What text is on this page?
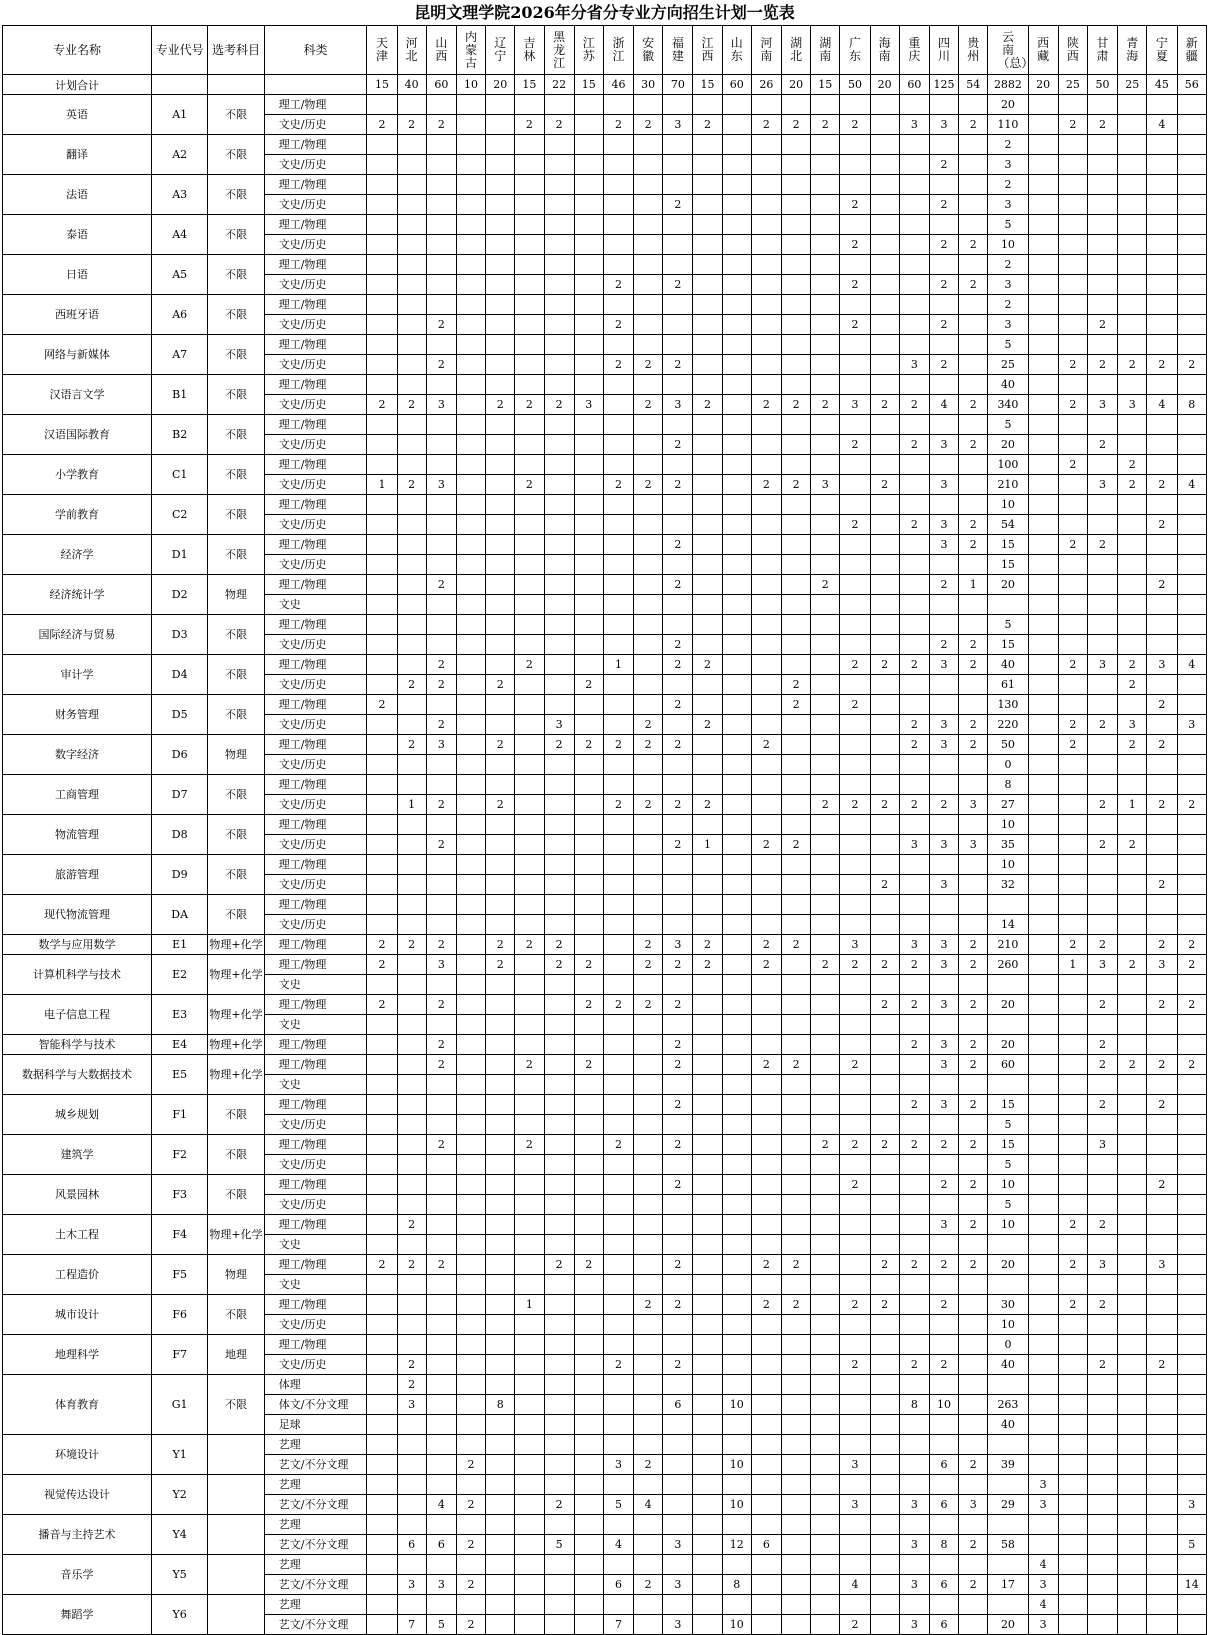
昆明文理学院2026年分省分专业方向招生计划一览表
专业名称	专业代号	选考科目	科类	天津	河北	山西	内蒙古	辽宁	吉林	黑龙江	江苏	浙江	安徽	福建	江西	山东	河南	湖北	湖南	广东	海南	重庆	四川	贵州	云南（总）	西藏	陕西	甘肃	青海	宁夏	新疆
计划合计				15	40	60	10	20	15	22	15	46	30	70	15	60	26	20	15	50	20	60	125	54	2882	20	25	50	25	45	56
英语	A1	不限	理工/物理																						20						
			文史/历史	2	2	2			2	2		2	2	3	2		2	2	2	2		3	3	2	110		2	2		4	
翻译	A2	不限	理工/物理																						2						
			文史/历史																				2		3						
法语	A3	不限	理工/物理																						2						
			文史/历史											2						2			2		3						
泰语	A4	不限	理工/物理																						5						
			文史/历史																	2			2	2	10						
日语	A5	不限	理工/物理																						2						
			文史/历史									2		2						2			2	2	3						
西班牙语	A6	不限	理工/物理																						2						
			文史/历史			2						2								2			2		3			2			
网络与新媒体	A7	不限	理工/物理																						5						
			文史/历史			2						2	2	2								3	2		25		2	2	2	2	2
汉语言文学	B1	不限	理工/物理																						40						
			文史/历史	2	2	3		2	2	2	3		2	3	2		2	2	2	3	2	2	4	2	340		2	3	3	4	8
汉语国际教育	B2	不限	理工/物理																						5						
			文史/历史											2						2		2	3	2	20			2			
小学教育	C1	不限	理工/物理																						100		2		2		
			文史/历史	1	2	3			2			2	2	2			2	2	3		2		3		210			3	2	2	4
学前教育	C2	不限	理工/物理																						10						
			文史/历史																	2		2	3	2	54					2	
经济学	D1	不限	理工/物理											2									3	2	15		2	2			
			文史/历史																						15						
经济统计学	D2	物理	理工/物理			2								2					2				2	1	20					2	
			文史																												
国际经济与贸易	D3	不限	理工/物理																						5						
			文史/历史											2									2	2	15						
审计学	D4	不限	理工/物理			2			2			1		2	2					2	2	2	3	2	40		2	3	2	3	4
			文史/历史		2	2		2			2							2							61				2		
财务管理	D5	不限	理工/物理	2										2				2		2					130					2	
			文史/历史			2				3			2		2							2	3	2	220		2	2	3		3
数字经济	D6	物理	理工/物理		2	3		2		2	2	2	2	2			2					2	3	2	50		2		2	2	
			文史/历史																						0						
工商管理	D7	不限	理工/物理																						8						
			文史/历史		1	2		2				2	2	2	2				2	2	2	2	2	3	27			2	1	2	2
物流管理	D8	不限	理工/物理																						10						
			文史/历史			2								2	1		2	2				3	3	3	35			2	2		
旅游管理	D9	不限	理工/物理																						10						
			文史/历史																		2		3		32					2	
现代物流管理	DA	不限	理工/物理																												
			文史/历史																						14						
数学与应用数学	E1	物理+化学	理工/物理	2	2	2		2	2	2			2	3	2		2	2		3		3	3	2	210		2	2		2	2
计算机科学与技术	E2	物理+化学	理工/物理	2		3		2		2	2		2	2	2		2		2	2	2	2	3	2	260		1	3	2	3	2
			文史																												
电子信息工程	E3	物理+化学	理工/物理	2		2					2	2	2	2							2	2	3	2	20			2		2	2
			文史																												
智能科学与技术	E4	物理+化学	理工/物理			2								2								2	3	2	20			2			
数据科学与大数据技术	E5	物理+化学	理工/物理			2			2		2			2			2	2		2			3	2	60			2	2	2	2
			文史																												
城乡规划	F1	不限	理工/物理											2								2	3	2	15			2		2	
			文史/历史																						5						
建筑学	F2	不限	理工/物理			2			2			2		2					2	2	2	2	2	2	15			3			
			文史/历史																						5						
风景园林	F3	不限	理工/物理											2						2			2	2	10					2	
			文史/历史																						5						
土木工程	F4	物理+化学	理工/物理		2																		3	2	10		2	2			
			文史																												
工程造价	F5	物理	理工/物理	2	2	2				2	2			2			2	2			2	2	2	2	20		2	3		3	
			文史																												
城市设计	F6	不限	理工/物理						1				2	2			2	2		2	2		2		30		2	2			
			文史/历史																						10						
地理科学	F7	地理	理工/物理																						0						
			文史/历史		2							2		2						2		2	2		40			2		2	
体育教育	G1	不限	体理		2																										
			体文/不分文理		3			8						6		10						8	10		263						
			足球																						40						
环境设计	Y1		艺理																												
			艺文/不分文理				2					3	2			10				3			6	2	39						
视觉传达设计	Y2		艺理																							3					
			艺文/不分文理			4	2			2		5	4			10				3		3	6	3	29	3					3
播音与主持艺术	Y4		艺理																												
			艺文/不分文理		6	6	2			5		4		3		12	6					3	8	2	58						5
音乐学	Y5		艺理																							4					
			艺文/不分文理		3	3	2					6	2	3		8				4		3	6	2	17	3					14
舞蹈学	Y6		艺理																							4					
			艺文/不分文理		7	5	2					7		3		10				2		3	6		20	3					
